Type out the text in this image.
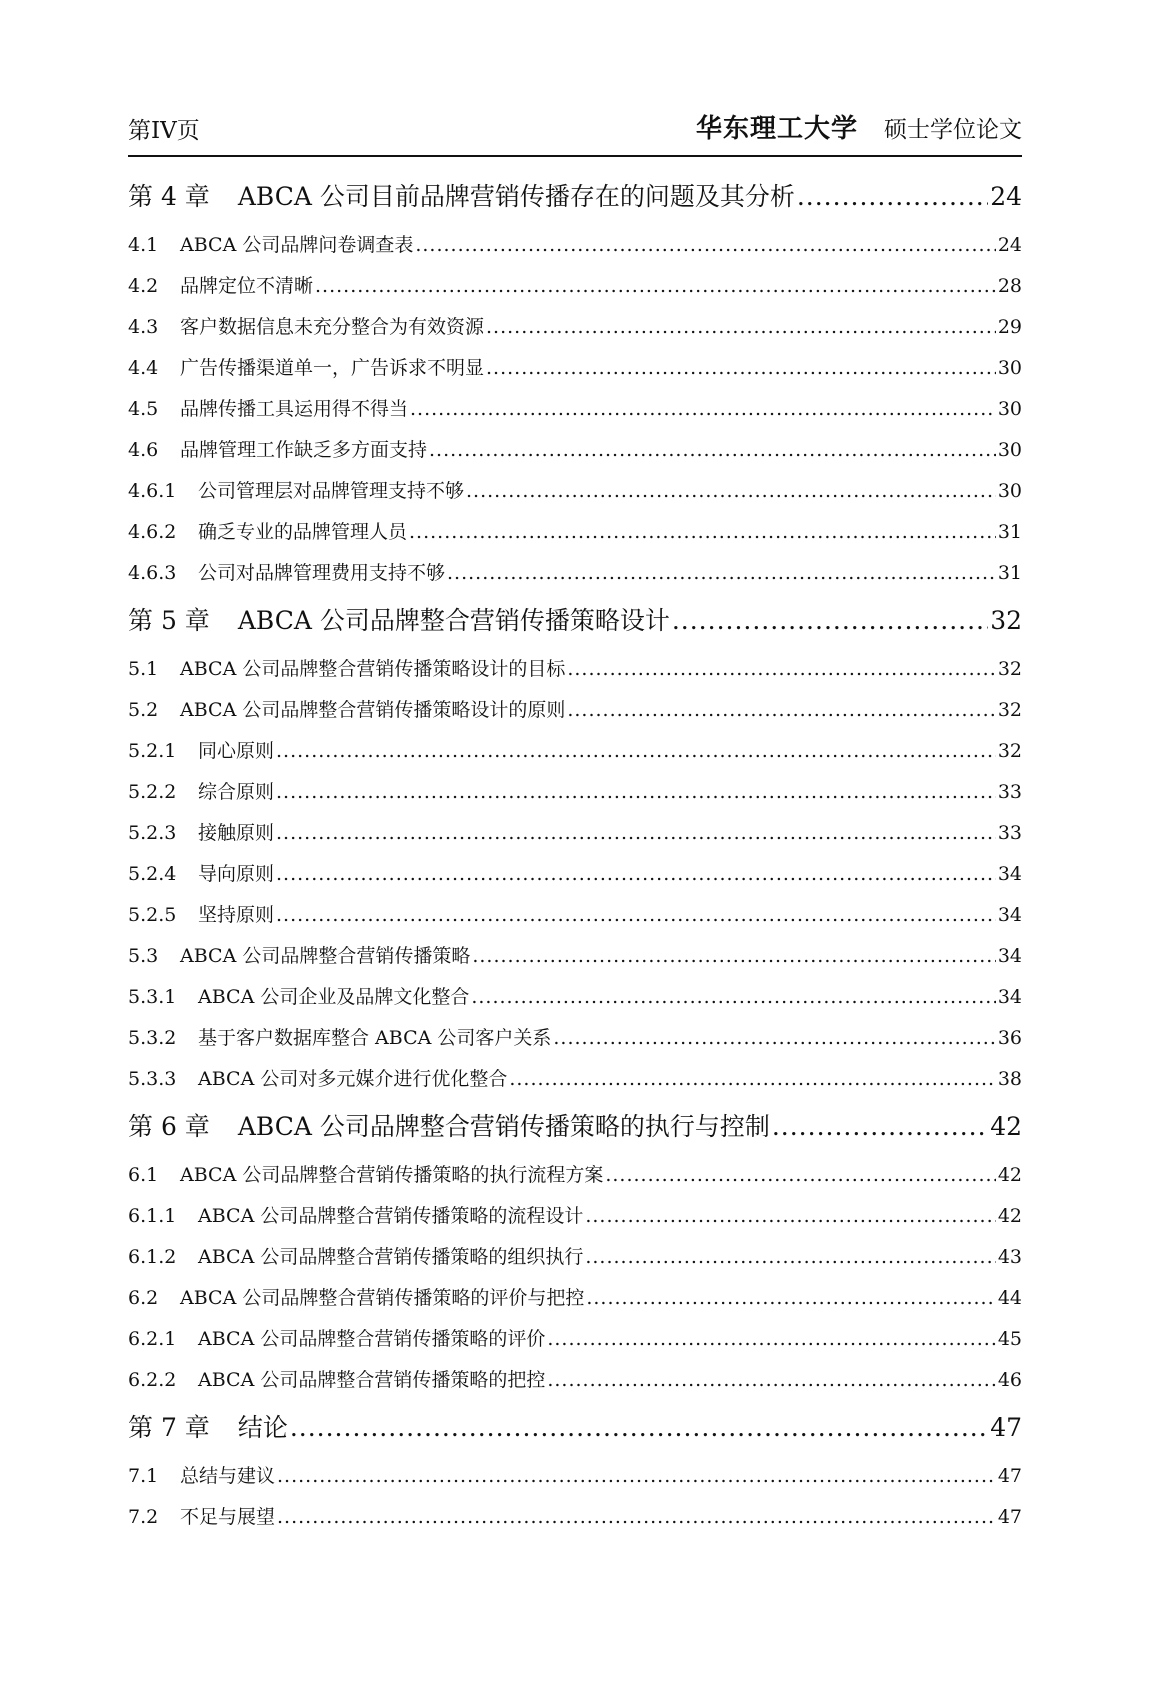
第IV页	华东理工大学 硕士学位论文
第 4 章 ABCA 公司目前品牌营销传播存在的问题及其分析 .....	24
4.1	ABCA 公司品牌问卷调查表 .....	24
4.2	品牌定位不清晰 .....	28
4.3	客户数据信息未充分整合为有效资源 .....	29
4.4	广告传播渠道单一，广告诉求不明显 .....	30
4.5	品牌传播工具运用得不得当 .....	30
4.6	品牌管理工作缺乏多方面支持 .....	30
4.6.1	公司管理层对品牌管理支持不够 .....	30
4.6.2	确乏专业的品牌管理人员 .....	31
4.6.3	公司对品牌管理费用支持不够 .....	31
第 5 章 ABCA 公司品牌整合营销传播策略设计 .....	32
5.1	ABCA 公司品牌整合营销传播策略设计的目标 .....	32
5.2	ABCA 公司品牌整合营销传播策略设计的原则 .....	32
5.2.1	同心原则 .....	32
5.2.2	综合原则 .....	33
5.2.3	接触原则 .....	33
5.2.4	导向原则 .....	34
5.2.5	坚持原则 .....	34
5.3	ABCA 公司品牌整合营销传播策略 .....	34
5.3.1	ABCA 公司企业及品牌文化整合 .....	34
5.3.2	基于客户数据库整合 ABCA 公司客户关系 .....	36
5.3.3	ABCA 公司对多元媒介进行优化整合 .....	38
第 6 章 ABCA 公司品牌整合营销传播策略的执行与控制 .....	42
6.1	ABCA 公司品牌整合营销传播策略的执行流程方案 .....	42
6.1.1	ABCA 公司品牌整合营销传播策略的流程设计 .....	42
6.1.2	ABCA 公司品牌整合营销传播策略的组织执行 .....	43
6.2	ABCA 公司品牌整合营销传播策略的评价与把控 .....	44
6.2.1	ABCA 公司品牌整合营销传播策略的评价 .....	45
6.2.2	ABCA 公司品牌整合营销传播策略的把控 .....	46
第 7 章 结论 .....	47
7.1	总结与建议 .....	47
7.2	不足与展望 .....	47
